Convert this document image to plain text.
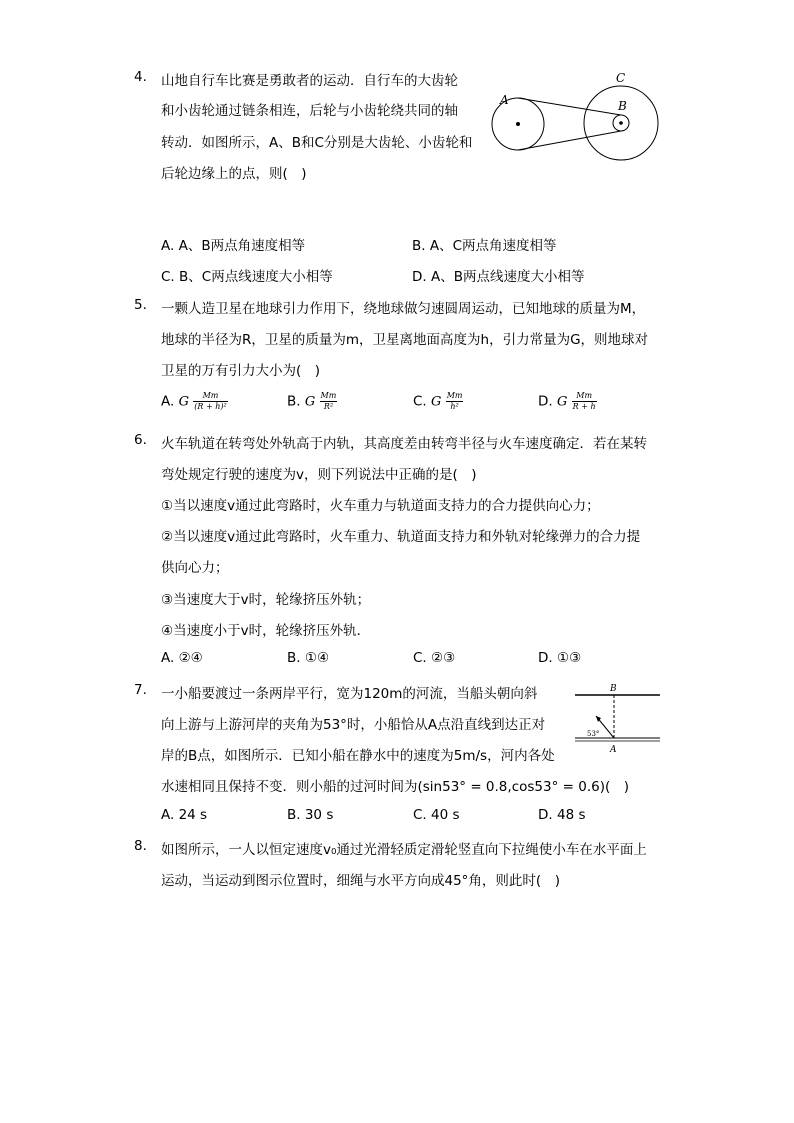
4. 山地自行车比赛是勇敢者的运动．自行车的大齿轮
和小齿轮通过链条相连，后轮与小齿轮绕共同的轴
转动．如图所示，A、B和C分别是大齿轮、小齿轮和
后轮边缘上的点，则(　)
A	B
C
A. A、B两点角速度相等	B. A、C两点角速度相等
C. B、C两点线速度大小相等	D. A、B两点线速度大小相等
5. 一颗人造卫星在地球引力作用下，绕地球做匀速圆周运动，已知地球的质量为M，
地球的半径为R，卫星的质量为m，卫星离地面高度为h，引力常量为G，则地球对
卫星的万有引力大小为(　)
A. G $\frac{Mm}{\text{(R + h)²}}$	B. G $\frac{Mm}{\text{R²}}$	C. G $\frac{Mm}{\text{h²}}$	D. G $\frac{Mm}{R + h}$
6. 火车轨道在转弯处外轨高于内轨，其高度差由转弯半径与火车速度确定．若在某转
弯处规定行驶的速度为v，则下列说法中正确的是(　)
①当以速度v通过此弯路时，火车重力与轨道面支持力的合力提供向心力；
②当以速度v通过此弯路时，火车重力、轨道面支持力和外轨对轮缘弹力的合力提
供向心力；
③当速度大于v时，轮缘挤压外轨；
④当速度小于v时，轮缘挤压外轨．
A. ②④	B. ①④	C. ②③	D. ①③
7. 一小船要渡过一条两岸平行，宽为120m的河流，当船头朝向斜
向上游与上游河岸的夹角为53°时，小船恰从A点沿直线到达正对
岸的B点，如图所示．已知小船在静水中的速度为5m/s，河内各处
水速相同且保持不变．则小船的过河时间为(sin53° = 0.8,cos53° = 0.6)(　)
B
A
53°
A. 24 s	B. 30 s	C. 40 s	D. 48 s
8. 如图所示，一人以恒定速度v₀通过光滑轻质定滑轮竖直向下拉绳使小车在水平面上
运动，当运动到图示位置时，细绳与水平方向成45°角，则此时(　)
